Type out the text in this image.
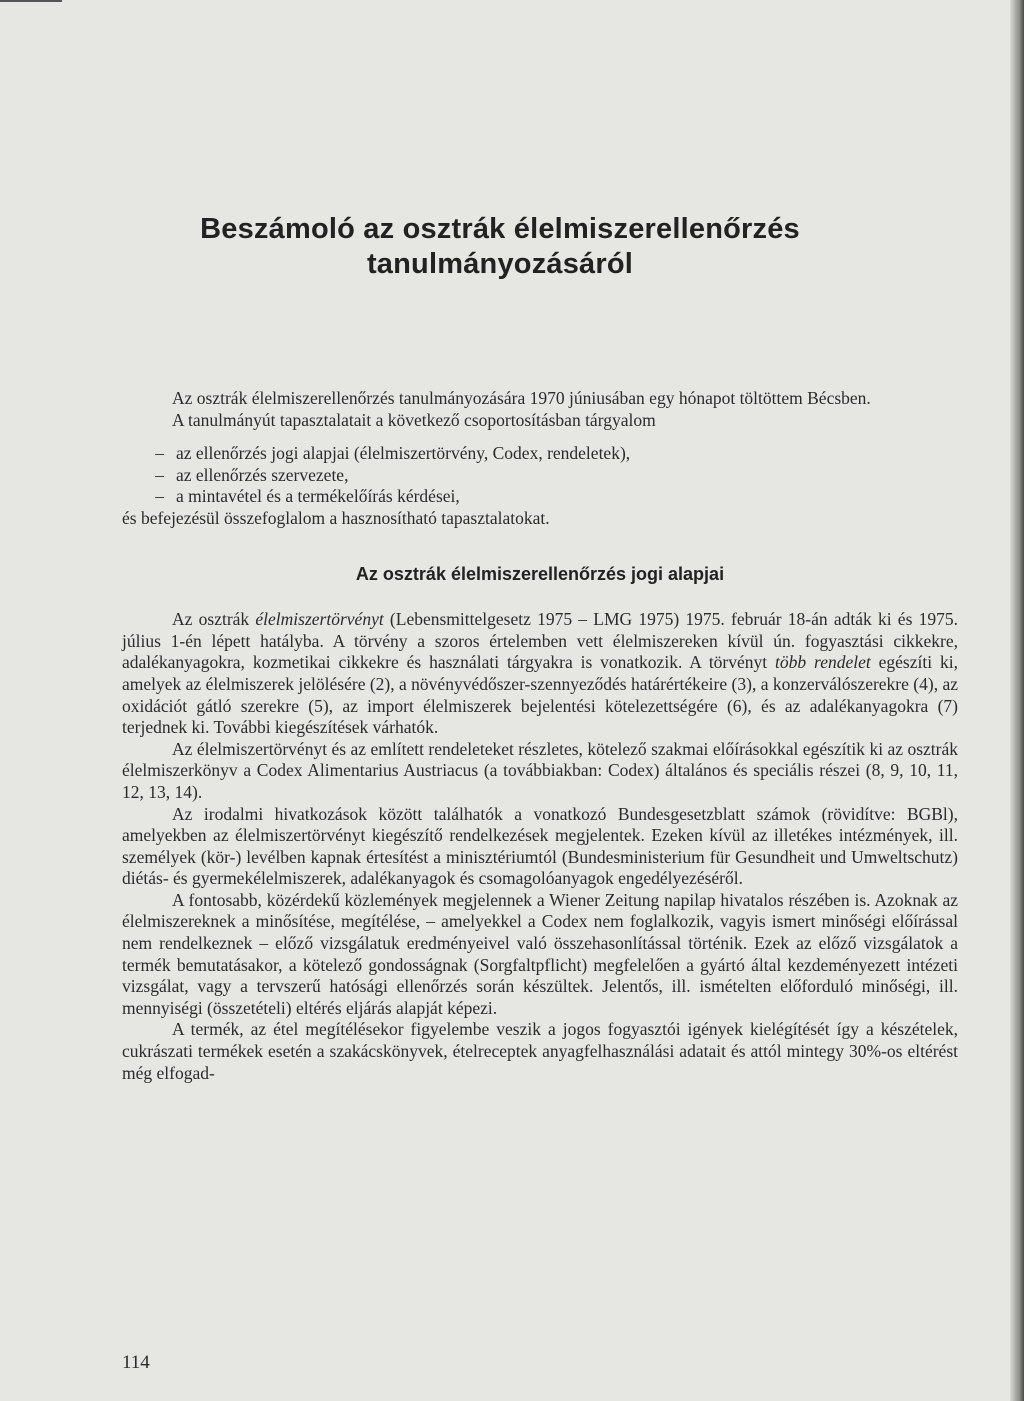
Beszámoló az osztrák élelmiszerellenőrzés
tanulmányozásáról

Az osztrák élelmiszerellenőrzés tanulmányozására 1970 júniusában egy hónapot töltöttem Bécsben.

A tanulmányút tapasztalatait a következő csoportosításban tárgyalom

– az ellenőrzés jogi alapjai (élelmiszertörvény, Codex, rendeletek),
– az ellenőrzés szervezete,
– a mintavétel és a termékelőírás kérdései,

és befejezésül összefoglalom a hasznosítható tapasztalatokat.

Az osztrák élelmiszerellenőrzés jogi alapjai

Az osztrák élelmiszertörvényt (Lebensmittelgesetz 1975 – LMG 1975) 1975. február 18-án adták ki és 1975. július 1-én lépett hatályba. A törvény a szoros értelemben vett élelmiszereken kívül ún. fogyasztási cikkekre, adalékanyagokra, kozmetikai cikkekre és használati tárgyakra is vonatkozik. A törvényt több rendelet egészíti ki, amelyek az élelmiszerek jelölésére (2), a növényvédőszer-szennyeződés határértékeire (3), a konzerválószerekre (4), az oxidációt gátló szerekre (5), az import élelmiszerek bejelentési kötelezettségére (6), és az adalékanyagokra (7) terjednek ki. További kiegészítések várhatók.

Az élelmiszertörvényt és az említett rendeleteket részletes, kötelező szakmai előírásokkal egészítik ki az osztrák élelmiszerkönyv a Codex Alimentarius Austriacus (a továbbiakban: Codex) általános és speciális részei (8, 9, 10, 11, 12, 13, 14).

Az irodalmi hivatkozások között találhatók a vonatkozó Bundesgesetzblatt számok (rövidítve: BGBl), amelyekben az élelmiszertörvényt kiegészítő rendelkezések megjelentek. Ezeken kívül az illetékes intézmények, ill. személyek (kör-) levélben kapnak értesítést a minisztériumtól (Bundesministerium für Gesundheit und Umweltschutz) diétás- és gyermekélelmiszerek, adalékanyagok és csomagolóanyagok engedélyezéséről.

A fontosabb, közérdekű közlemények megjelennek a Wiener Zeitung napilap hivatalos részében is. Azoknak az élelmiszereknek a minősítése, megítélése, – amelyekkel a Codex nem foglalkozik, vagyis ismert minőségi előírással nem rendelkeznek – előző vizsgálatuk eredményeivel való összehasonlítással történik. Ezek az előző vizsgálatok a termék bemutatásakor, a kötelező gondosságnak (Sorgfaltpflicht) megfelelően a gyártó által kezdeményezett intézeti vizsgálat, vagy a tervszerű hatósági ellenőrzés során készültek. Jelentős, ill. ismételten előforduló minőségi, ill. mennyiségi (összetételi) eltérés eljárás alapját képezi.

A termék, az étel megítélésekor figyelembe veszik a jogos fogyasztói igények kielégítését így a készételek, cukrászati termékek esetén a szakácskönyvek, ételreceptek anyagfelhasználási adatait és attól mintegy 30%-os eltérést még elfogad-

114
